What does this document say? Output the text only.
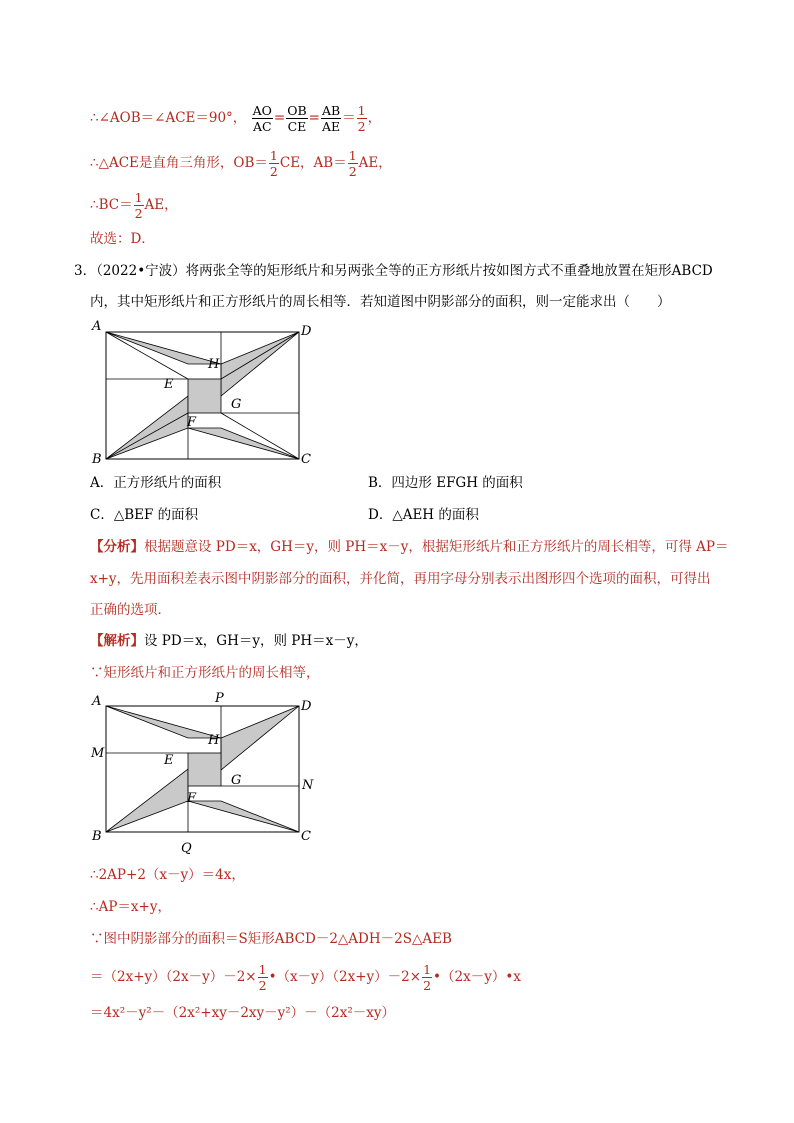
∴∠AOB＝∠ACE＝90°， $\frac{AO}{AC} = \frac{OB}{CE} = \frac{AB}{AE} = \frac{1}{2}$ ，
∴△ACE是直角三角形，$OB= \frac{1}{2}$ CE，$AB= \frac{1}{2}$ AE，
∴BC＝ $\frac{1}{2}$ AE，
故选：D．
3．（2022•宁波）将两张全等的矩形纸片和另两张全等的正方形纸片按如图方式不重叠地放置在矩形ABCD
内，其中矩形纸片和正方形纸片的周长相等．若知道图中阴影部分的面积，则一定能求出（　　）
A
B	C
D
E
F
G
H
A．正方形纸片的面积	B．四边形 EFGH 的面积
C．△BEF 的面积	D．△AEH 的面积
【分析】根据题意设 PD＝x，GH＝y，则 PH＝x－y，根据矩形纸片和正方形纸片的周长相等，可得 AP＝
x+y，先用面积差表示图中阴影部分的面积，并化简，再用字母分别表示出图形四个选项的面积，可得出
正确的选项．
【解析】设 PD＝x，GH＝y，则 PH＝x－y，
∵矩形纸片和正方形纸片的周长相等，
A
B	C
D
E
F
G
H
P
Q
M
N
∴2AP+2（x－y）＝4x，
∴AP＝x+y，
∵图中阴影部分的面积＝S矩形ABCD－2△ADH－2S△AEB
$=(2x+y)(2x-y)-2\times \frac{1}{2}$ •（x－y）（2x+y）－2× $\frac{1}{2}$ •（2x－y）•x
＝4x²－y²－（2x²+xy－2xy－y²）－（2x²－xy）
